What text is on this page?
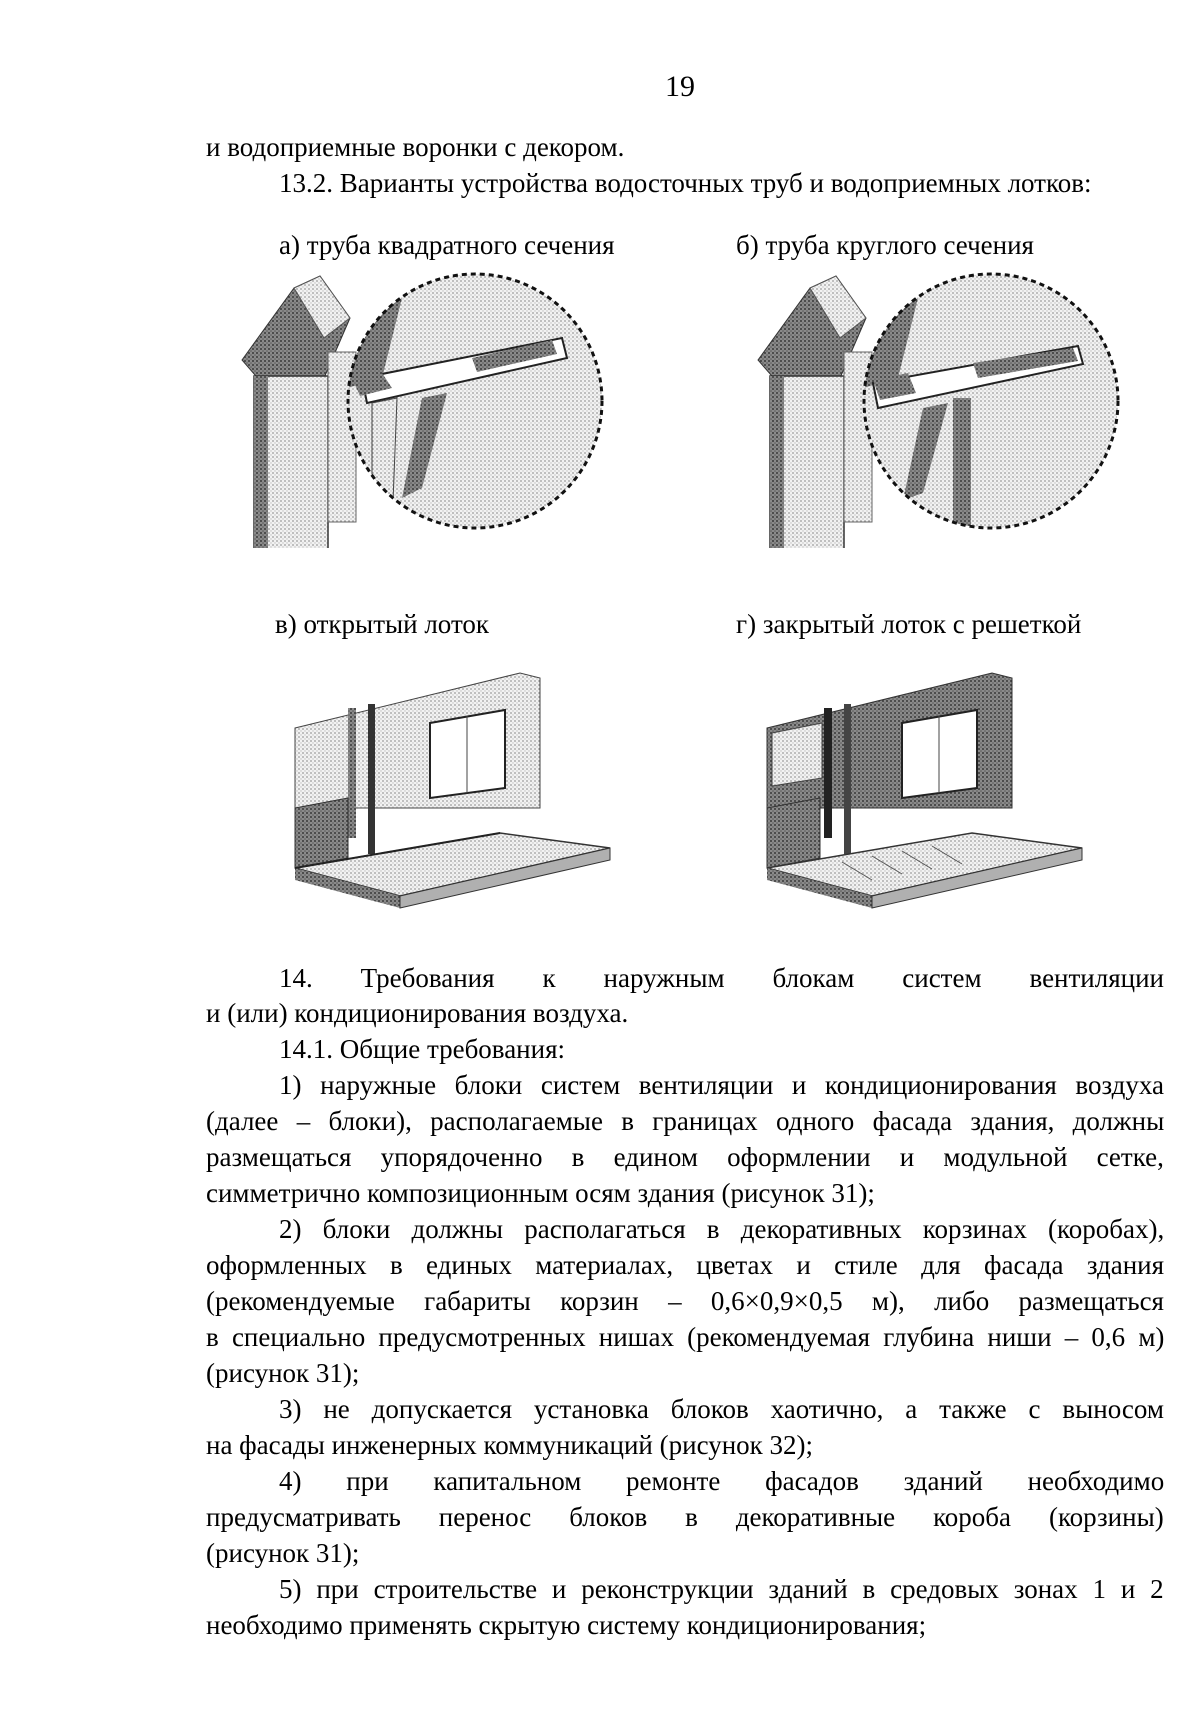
19
и водоприемные воронки с декором.
13.2. Варианты устройства водосточных труб и водоприемных лотков:
а) труба квадратного сечения	б) труба круглого сечения
в) открытый лоток	г) закрытый лоток с решеткой
14. Требования к наружным блокам систем вентиляции
и (или) кондиционирования воздуха.
14.1. Общие требования:
1) наружные блоки систем вентиляции и кондиционирования воздуха
(далее – блоки), располагаемые в границах одного фасада здания, должны
размещаться упорядоченно в едином оформлении и модульной сетке,
симметрично композиционным осям здания (рисунок 31);
2) блоки должны располагаться в декоративных корзинах (коробах),
оформленных в единых материалах, цветах и стиле для фасада здания
(рекомендуемые габариты корзин – 0,6×0,9×0,5 м), либо размещаться
в специально предусмотренных нишах (рекомендуемая глубина ниши – 0,6 м)
(рисунок 31);
3) не допускается установка блоков хаотично, а также с выносом
на фасады инженерных коммуникаций (рисунок 32);
4) при капитальном ремонте фасадов зданий необходимо
предусматривать перенос блоков в декоративные короба (корзины)
(рисунок 31);
5) при строительстве и реконструкции зданий в средовых зонах 1 и 2
необходимо применять скрытую систему кондиционирования;
